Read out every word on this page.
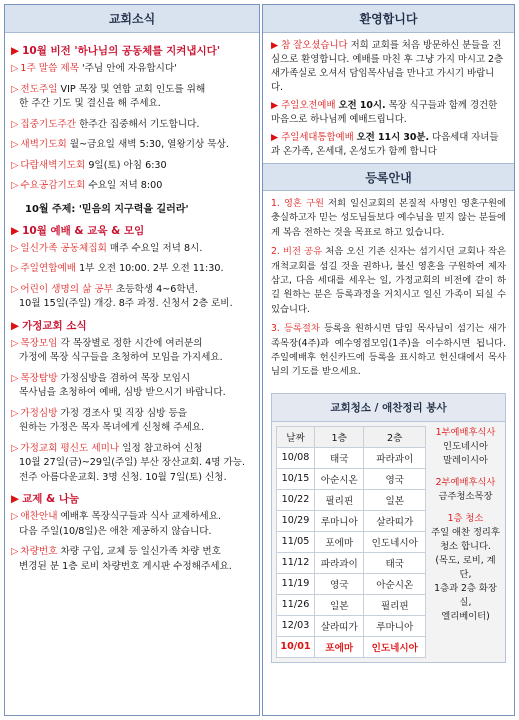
교회소식
▶ 10월 비전 '하나님의 공동체를 지켜냅시다'
▷ 1주 말씀 제목 '주님 안에 자유합시다'
▷ 전도주일 VIP 목장 및 연합 교회 인도를 위해
한 주간 기도 및 결신을 해 주세요.
▷ 집중기도주간 한주간 집중해서 기도합니다.
▷ 새벽기도회 월~금요일 새벽 5:30, 열왕기상 묵상.
▷ 다람새벽기도회 9일(토) 아침 6:30
▷ 수요공감기도회 수요일 저녁 8:00
10월 주제: '믿음의 지구력을 길러라'
▶ 10월 예배 & 교육 & 모임
▷ 일신가족 공동체집회 매주 수요일 저녁 8시.
▷ 주일연합예배 1부 오전 10:00. 2부 오전 11:30.
▷ 어린이 생명의 삶 공부 초등학생 4~6학년.
10월 15일(주일) 개강. 8주 과정. 신청서 2층 로비.
▶ 가정교회 소식
▷ 목장모임 각 목장별로 정한 시간에 여러분의
가정에 목장 식구들을 초청하여 모임을 가지세요.
▷ 목장탐방 가정심방을 겸하여 목장 모임시
목사님을 초청하여 예배, 심방 받으시기 바랍니다.
▷ 가정심방 가정 경조사 및 직장 심방 등을
원하는 가정은 목자 목녀에게 신청해 주세요.
▷ 가정교회 평신도 세미나 일정 참고하여 신청
10월 27일(금)~29일(주일) 부산 장산교회. 4명 가능.
전주 아름다운교회. 3명 신청. 10월 7일(토) 신청.
▶ 교제 & 나눔
▷ 애찬안내 예배후 목장식구들과 식사 교제하세요.
다음 주일(10/8일)은 애찬 제공하지 않습니다.
▷ 차량번호 차량 구입, 교체 등 일신가족 차량 번호
변경된 분 1층 로비 차량번호 게시판 수정해주세요.
환영합니다

▶ 참 잘오셨습니다 저희 교회를 처음 방문하신 분들을 진심으로 환영합니다. 예배를 마친 후 그냥 가지 마시고 2층 새가족실로 오셔서 담임목사님을 만나고 가시기 바랍니다.

▶ 주일오전예배 오전 10시. 목장 식구들과 함께 경건한 마음으로 하나님께 예배드립니다.

▶ 주일세대통합예배 오전 11시 30분. 다음세대 자녀들과 온가족, 온세대, 온성도가 함께 합니다

등록안내

1. 영혼 구원 저희 일신교회의 본질적 사명인 영혼구원에 충실하고자 믿는 성도님들보다 예수님을 믿지 않는 분들에게 복음 전하는 것을 목표로 하고 있습니다.

2. 비전 공유 처음 오신 기존 신자는 섬기시던 교회나 작은 개척교회를 섬길 것을 권하나, 불신 영혼을 구원하여 제자 삼고, 다음 세대를 세우는 일, 가정교회의 비전에 같이 하길 원하는 분은 등록과정을 거치시고 일신 가족이 되실 수 있습니다.

3. 등록절차 등록을 원하시면 담임 목사님이 섬기는 새가족목장(4주)과 예수영접모임(1주)을 이수하시면 됩니다. 주일예배후 헌신카드에 등록을 표시하고 헌신대에서 목사님의 기도를 받으세요.

교회청소 / 애찬정리 봉사
날짜	1층	2층
10/08	태국	파라과이
10/15	아순시온	영국
10/22	필리핀	일본
10/29	루마니아	살라띠가
11/05	포에마	인도네시아
11/12	파라과이	태국
11/19	영국	아순시온
11/26	일본	필리핀
12/03	살라띠가	루마니아
10/01	포에마	인도네시아
1부예배후식사
인도네시아
말레이시아
2부예배후식사
금주청소목장
1층 청소
주일 애찬 정리후
청소 합니다.
(목도, 로비, 계단,
1층과 2층 화장실,
엘리베이터)
